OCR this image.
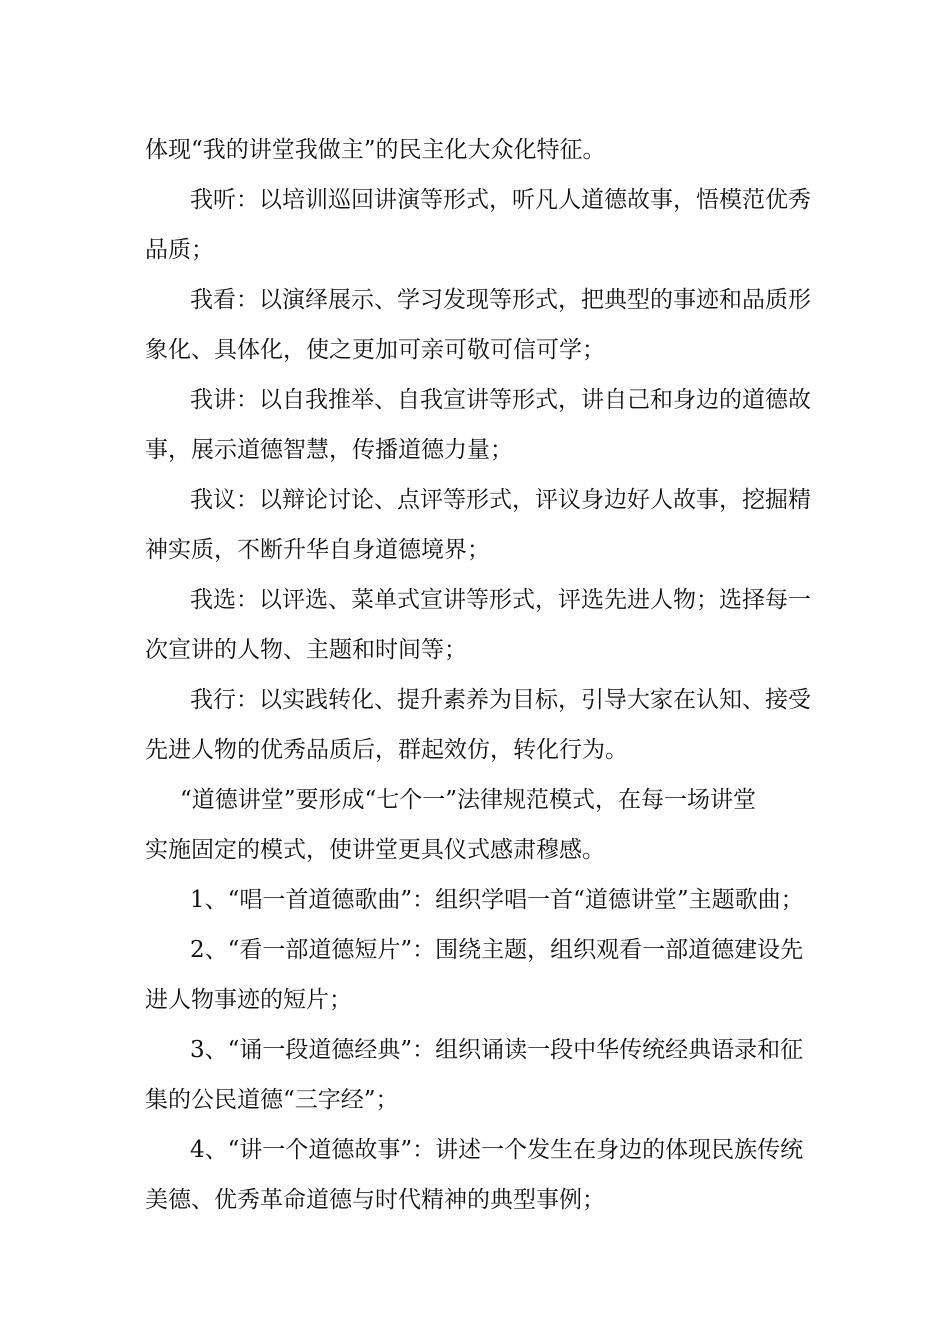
体现“我的讲堂我做主”的民主化大众化特征。
我听：以培训巡回讲演等形式，听凡人道德故事，悟模范优秀
品质；
我看：以演绎展示、学习发现等形式，把典型的事迹和品质形
象化、具体化，使之更加可亲可敬可信可学；
我讲：以自我推举、自我宣讲等形式，讲自己和身边的道德故
事，展示道德智慧，传播道德力量；
我议：以辩论讨论、点评等形式，评议身边好人故事，挖掘精
神实质，不断升华自身道德境界；
我选：以评选、菜单式宣讲等形式，评选先进人物；选择每一
次宣讲的人物、主题和时间等；
我行：以实践转化、提升素养为目标，引导大家在认知、接受
先进人物的优秀品质后，群起效仿，转化行为。
“道德讲堂”要形成“七个一”法律规范模式，在每一场讲堂
实施固定的模式，使讲堂更具仪式感肃穆感。
1、“唱一首道德歌曲”：组织学唱一首“道德讲堂”主题歌曲；
2、“看一部道德短片”：围绕主题，组织观看一部道德建设先
进人物事迹的短片；
3、“诵一段道德经典”：组织诵读一段中华传统经典语录和征
集的公民道德“三字经”；
4、“讲一个道德故事”：讲述一个发生在身边的体现民族传统
美德、优秀革命道德与时代精神的典型事例；
